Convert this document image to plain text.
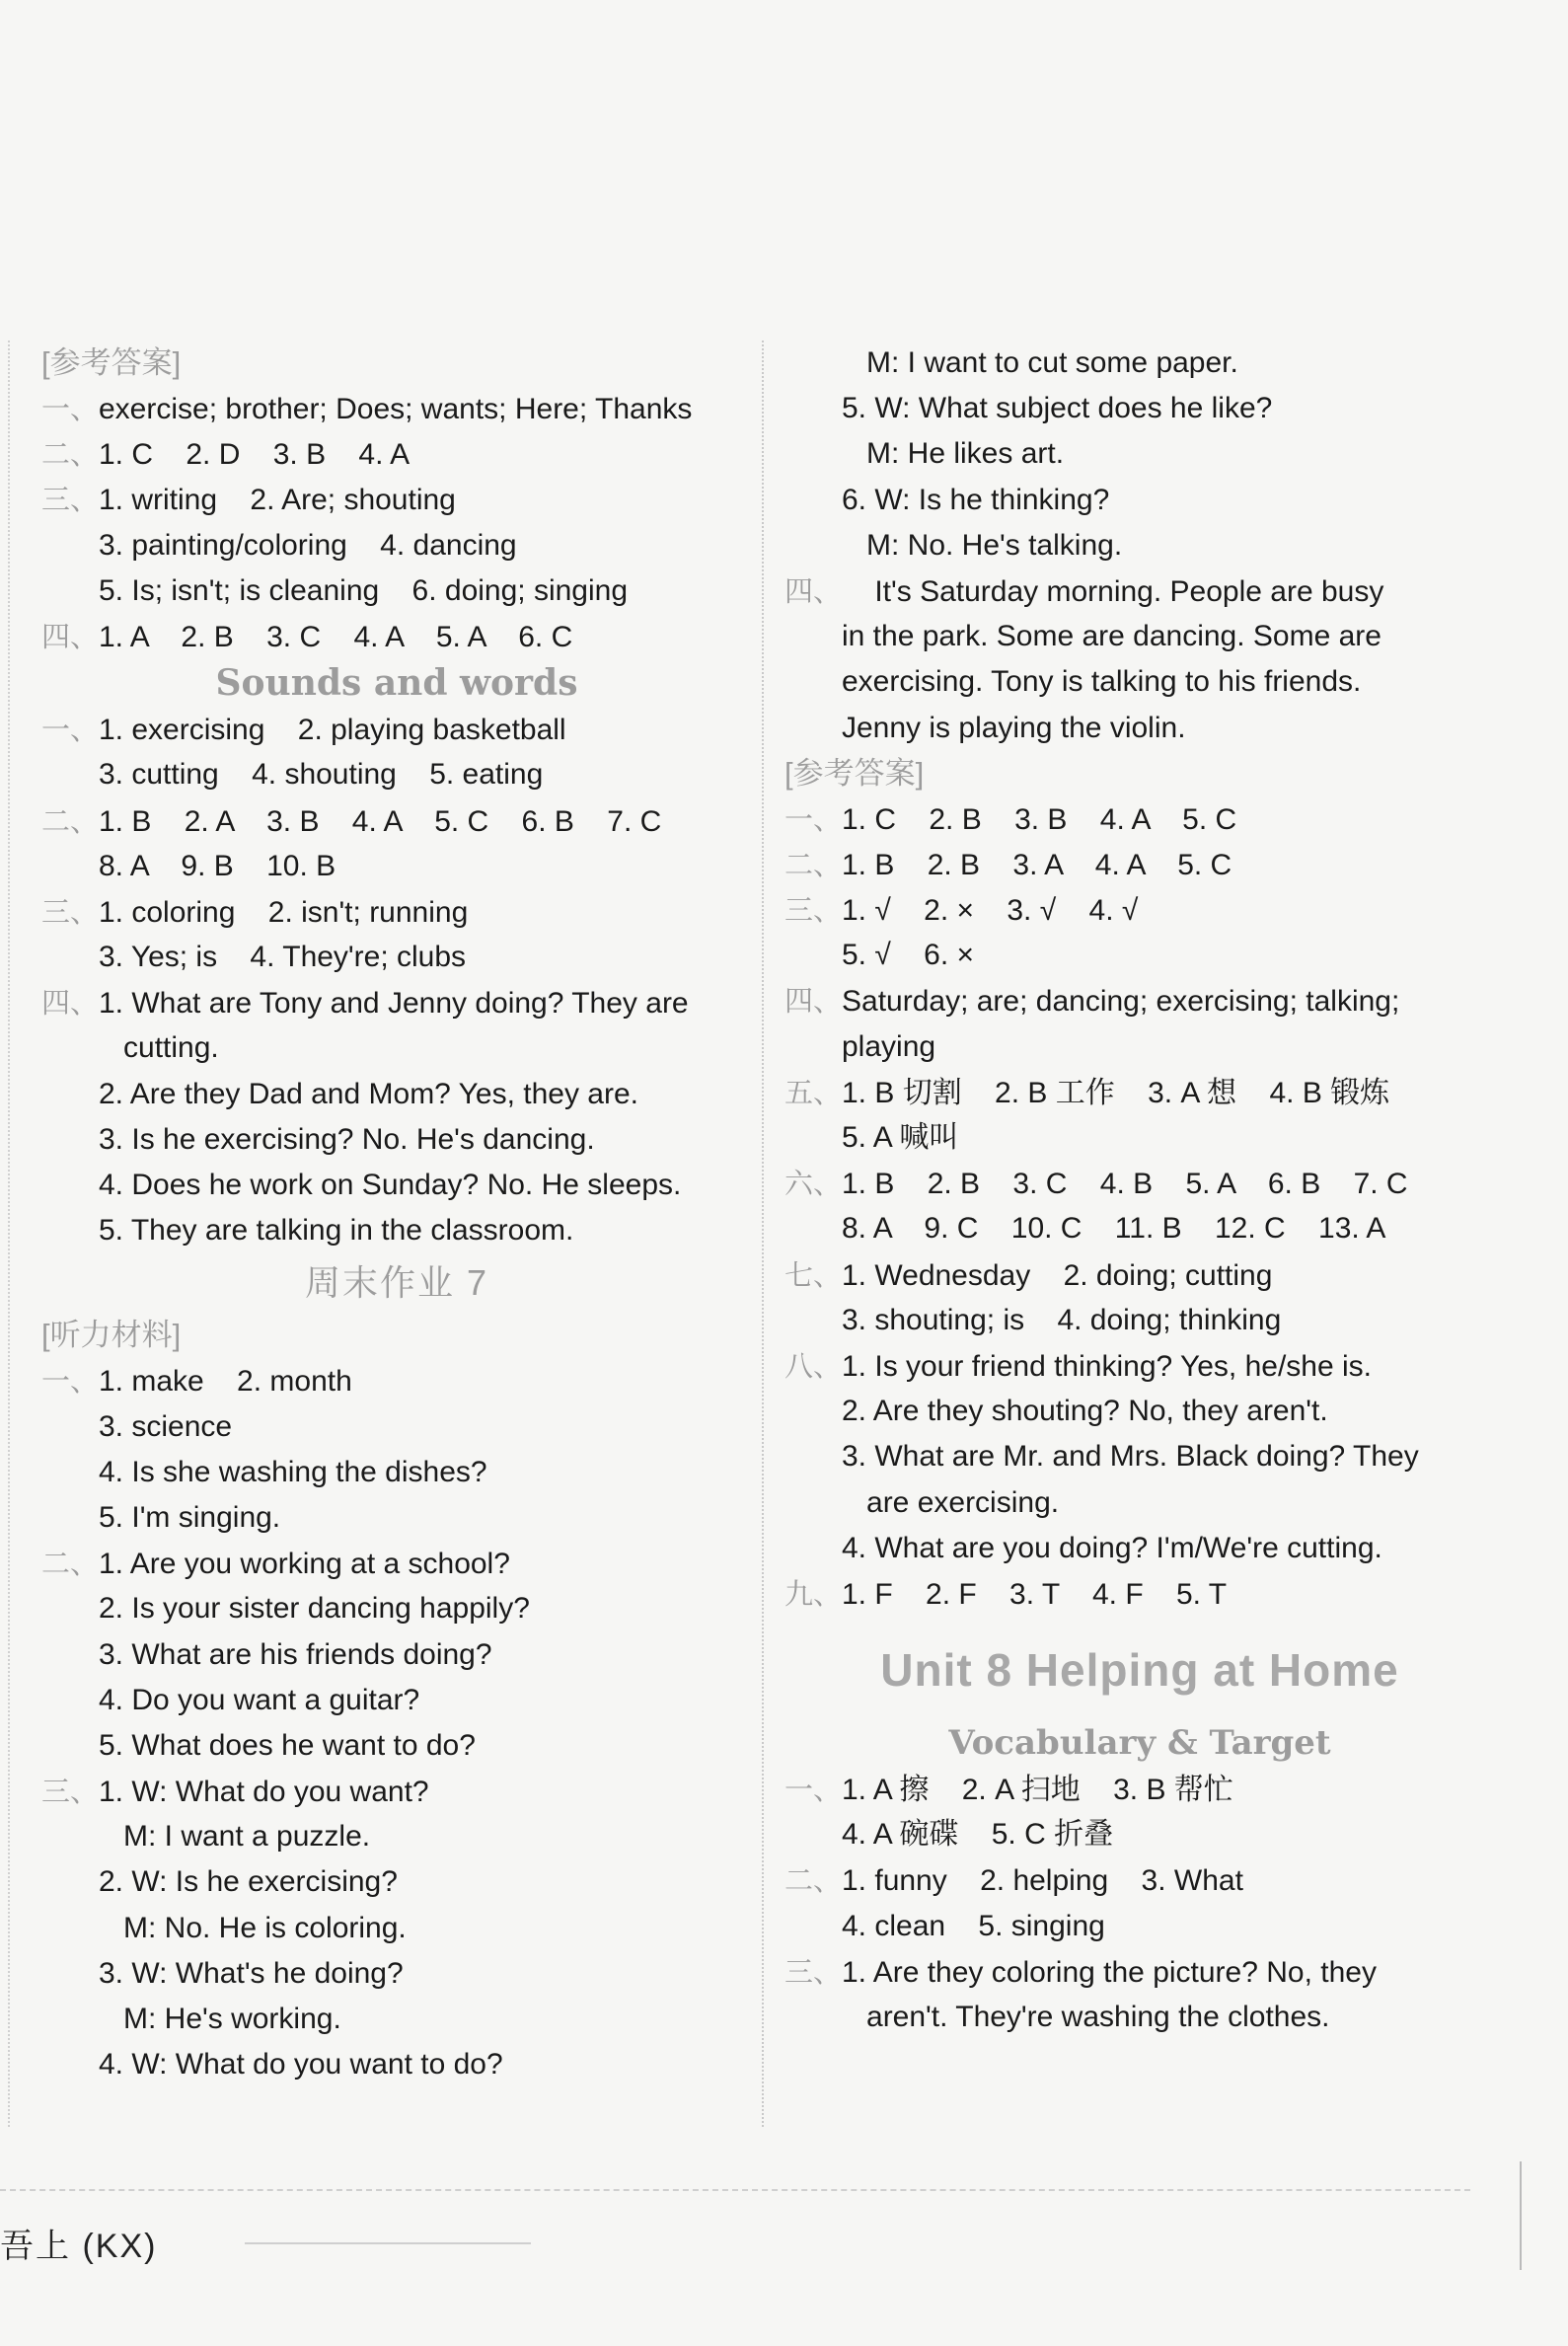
[参考答案]
一、 exercise; brother; Does; wants; Here; Thanks
二、 1. C    2. D    3. B    4. A
三、 1. writing    2. Are; shouting
3. painting/coloring    4. dancing
5. Is; isn't; is cleaning    6. doing; singing
四、 1. A    2. B    3. C    4. A    5. A    6. C
Sounds and words
一、 1. exercising    2. playing basketball
3. cutting    4. shouting    5. eating
二、 1. B    2. A    3. B    4. A    5. C    6. B    7. C
8. A    9. B    10. B
三、 1. coloring    2. isn't; running
3. Yes; is    4. They're; clubs
四、 1. What are Tony and Jenny doing? They are
cutting.
2. Are they Dad and Mom? Yes, they are.
3. Is he exercising? No. He's dancing.
4. Does he work on Sunday? No. He sleeps.
5. They are talking in the classroom.
周末作业 7
[听力材料]
一、 1. make    2. month
3. science
4. Is she washing the dishes?
5. I'm singing.
二、 1. Are you working at a school?
2. Is your sister dancing happily?
3. What are his friends doing?
4. Do you want a guitar?
5. What does he want to do?
三、 1. W: What do you want?
M: I want a puzzle.
2. W: Is he exercising?
M: No. He is coloring.
3. W: What's he doing?
M: He's working.
4. W: What do you want to do?
M: I want to cut some paper.
5. W: What subject does he like?
M: He likes art.
6. W: Is he thinking?
M: No. He's talking.
四、 It's Saturday morning. People are busy
in the park. Some are dancing. Some are
exercising. Tony is talking to his friends.
Jenny is playing the violin.
[参考答案]
一、 1. C    2. B    3. B    4. A    5. C
二、 1. B    2. B    3. A    4. A    5. C
三、 1. √    2. ×    3. √    4. √
5. √    6. ×
四、 Saturday; are; dancing; exercising; talking;
playing
五、 1. B 切割    2. B 工作    3. A 想    4. B 锻炼
5. A 喊叫
六、 1. B    2. B    3. C    4. B    5. A    6. B    7. C
8. A    9. C    10. C    11. B    12. C    13. A
七、 1. Wednesday    2. doing; cutting
3. shouting; is    4. doing; thinking
八、 1. Is your friend thinking? Yes, he/she is.
2. Are they shouting? No, they aren't.
3. What are Mr. and Mrs. Black doing? They
are exercising.
4. What are you doing? I'm/We're cutting.
九、 1. F    2. F    3. T    4. F    5. T
Unit 8 Helping at Home
Vocabulary & Target
一、 1. A 擦    2. A 扫地    3. B 帮忙
4. A 碗碟    5. C 折叠
二、 1. funny    2. helping    3. What
4. clean    5. singing
三、 1. Are they coloring the picture? No, they
aren't. They're washing the clothes.
吾上 (KX)
